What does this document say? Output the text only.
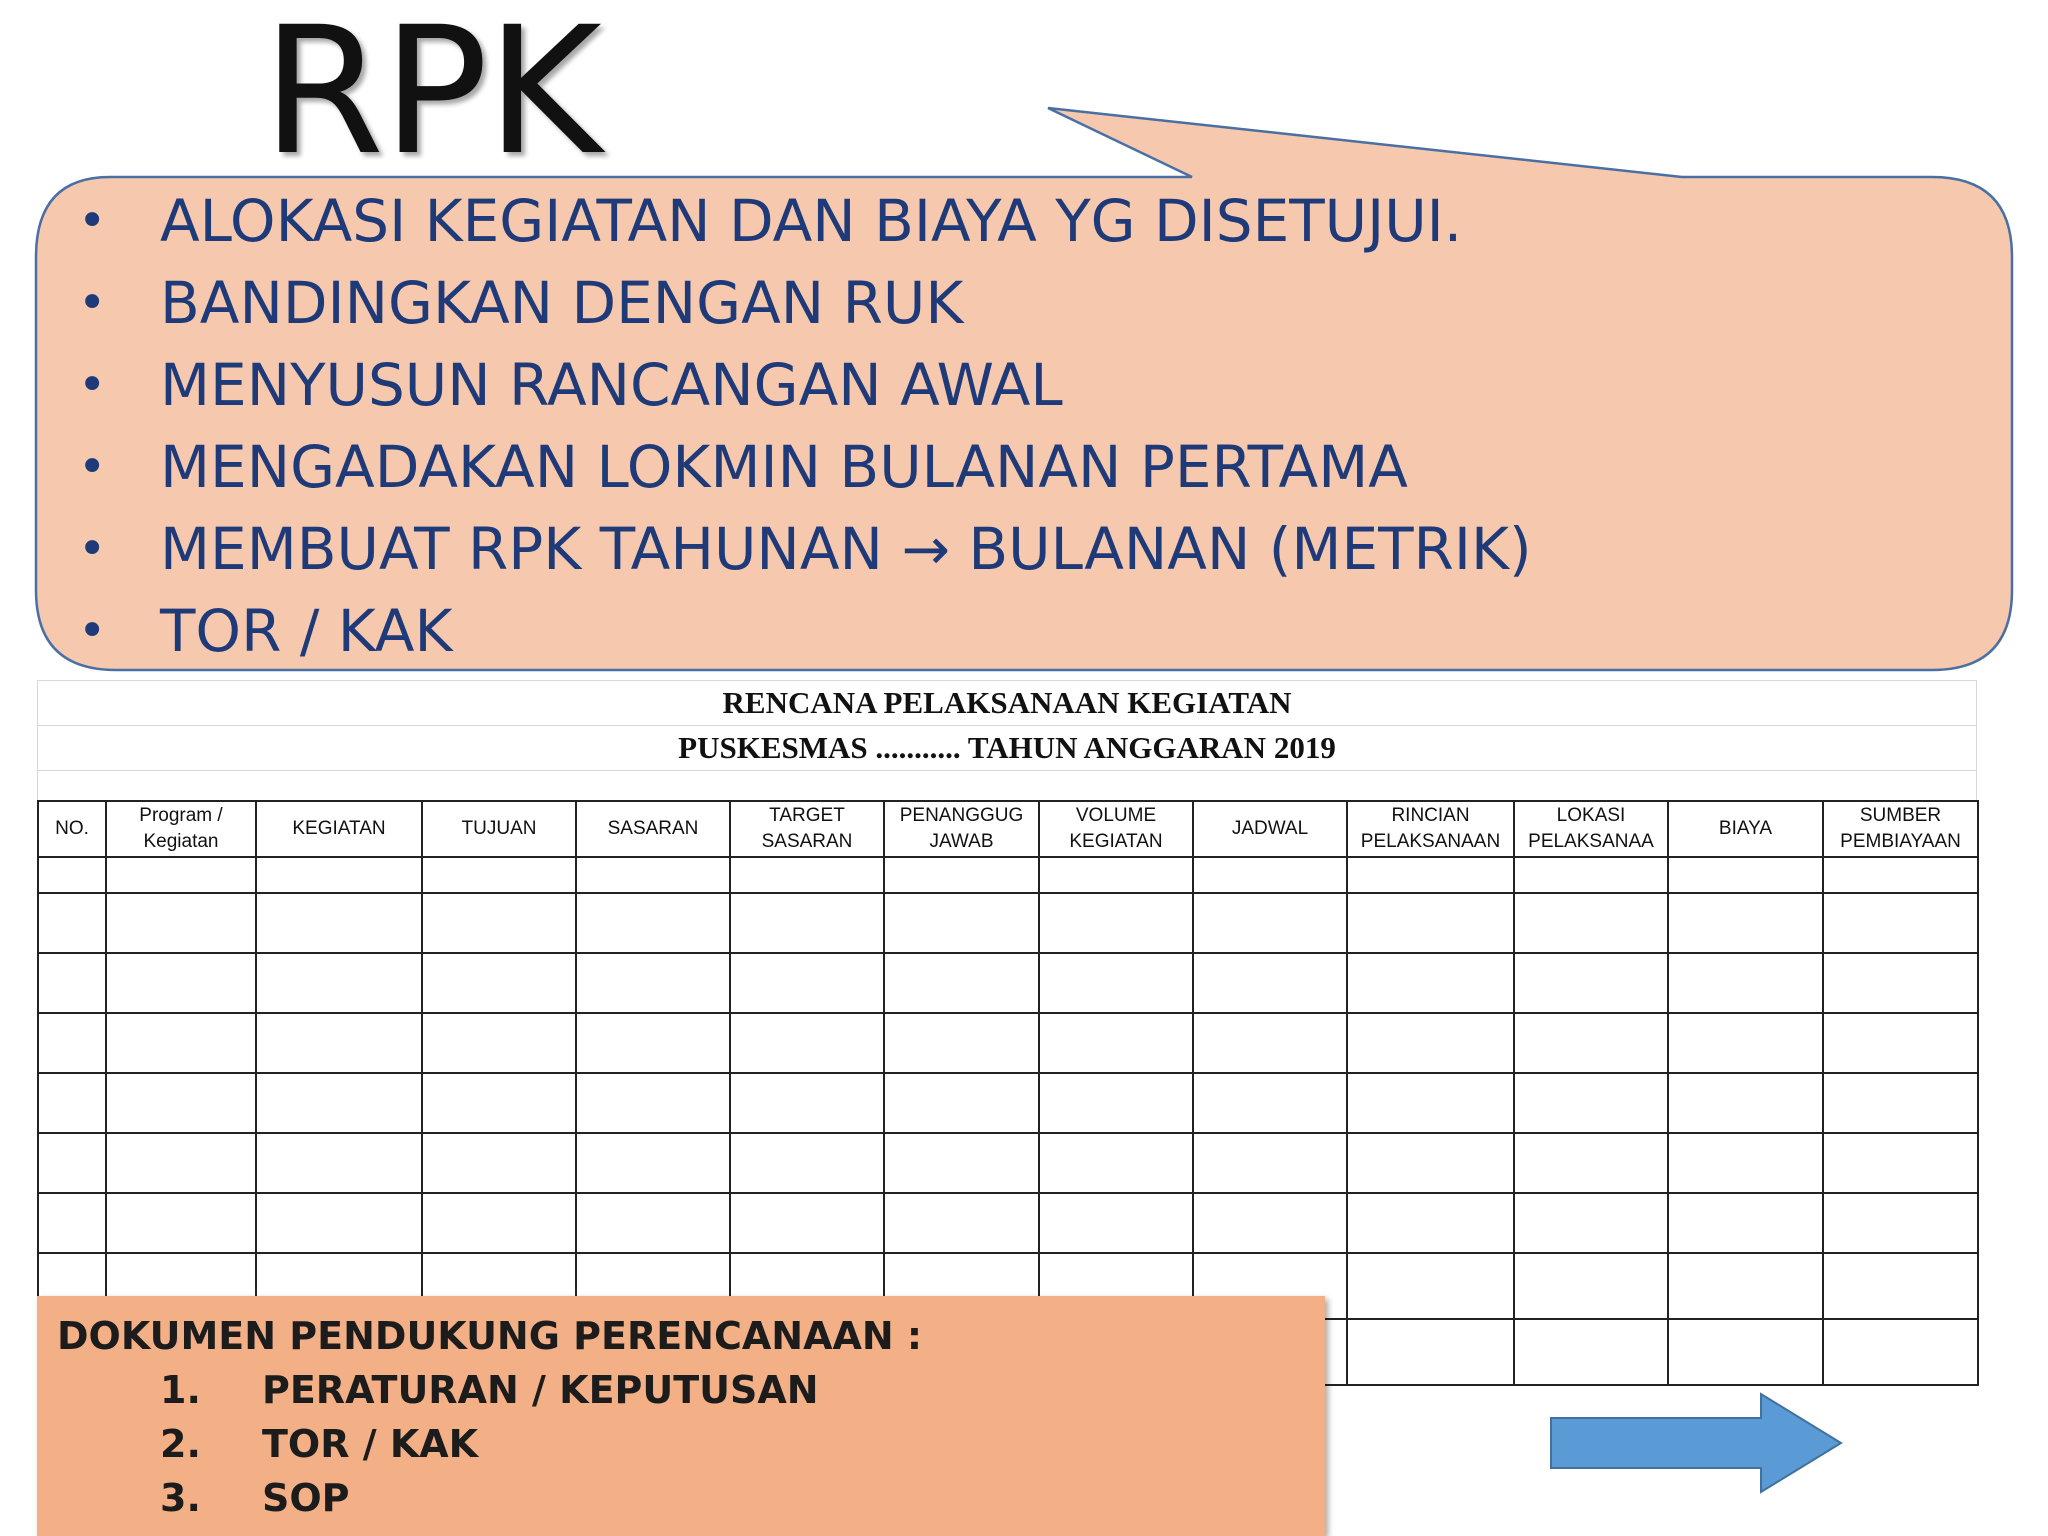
RPK
• ALOKASI KEGIATAN DAN BIAYA YG DISETUJUI.
• BANDINGKAN DENGAN RUK
• MENYUSUN RANCANGAN AWAL
• MENGADAKAN LOKMIN BULANAN PERTAMA
• MEMBUAT RPK TAHUNAN → BULANAN (METRIK)
• TOR / KAK
RENCANA PELAKSANAAN KEGIATAN
PUSKESMAS ........... TAHUN ANGGARAN 2019
NO.	Program / Kegiatan	KEGIATAN	TUJUAN	SASARAN	TARGET SASARAN	PENANGGUG JAWAB	VOLUME KEGIATAN	JADWAL	RINCIAN PELAKSANAAN	LOKASI PELAKSANAA	BIAYA	SUMBER PEMBIAYAAN

DOKUMEN PENDUKUNG PERENCANAAN :
1. PERATURAN / KEPUTUSAN
2. TOR / KAK
3. SOP
